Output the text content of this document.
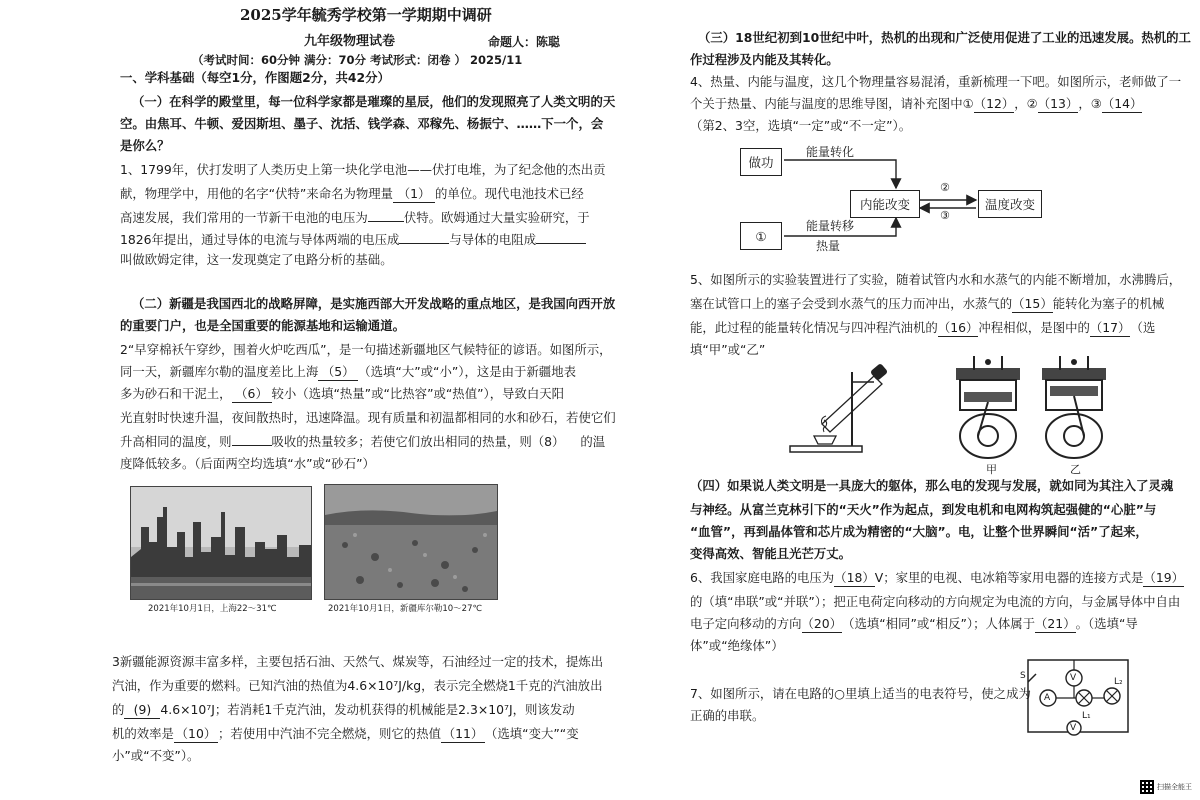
2025学年毓秀学校第一学期期中调研
九年级物理试卷	命题人：陈聪
（考试时间：60分钟 满分：70分 考试形式：闭卷 ） 2025/11
一、学科基础（每空1分，作图题2分，共42分）
（一）在科学的殿堂里，每一位科学家都是璀璨的星辰，他们的发现照亮了人类文明的天
空。由焦耳、牛顿、爱因斯坦、墨子、沈括、钱学森、邓稼先、杨振宁、……下一个，会
是你么？
1、1799年，伏打发明了人类历史上第一块化学电池——伏打电堆，为了纪念他的杰出贡
献，物理学中，用他的名字“伏特”来命名为物理量 （1） 的单位。现代电池技术已经
高速发展，我们常用的一节新干电池的电压为	伏特。欧姆通过大量实验研究，于
1826年提出，通过导体的电流与导体两端的电压成	与导体的电阻成
叫做欧姆定律，这一发现奠定了电路分析的基础。
（二）新疆是我国西北的战略屏障，是实施西部大开发战略的重点地区，是我国向西开放
的重要门户，也是全国重要的能源基地和运输通道。
2“早穿棉袄午穿纱，围着火炉吃西瓜”，是一句描述新疆地区气候特征的谚语。如图所示，
同一天，新疆库尔勒的温度差比上海 （5） （选填“大”或“小”），这是由于新疆地表
多为砂石和干泥土， （6） 较小（选填“热量”或“比热容”或“热值”），导致白天阳
光直射时快速升温，夜间散热时，迅速降温。现有质量和初温都相同的水和砂石，若使它们
升高相同的温度，则	吸收的热量较多；若使它们放出相同的热量，则（8） 的温
度降低较多。（后面两空均选填“水”或“砂石”）
2021年10月1日，上海22～31℃	2021年10月1日，新疆库尔勒10～27℃
3新疆能源资源丰富多样，主要包括石油、天然气、煤炭等，石油经过一定的技术，提炼出
汽油，作为重要的燃料。已知汽油的热值为4.6×10⁷J/kg，表示完全燃烧1千克的汽油放出
的 (9) 4.6×10⁷J；若消耗1千克汽油，发动机获得的机械能是2.3×10⁷J，则该发动
机的效率是 （10） ；若使用中汽油不完全燃烧，则它的热值 （11） （选填“变大”“变
小”或“不变”）。
（三）18世纪初到10世纪中叶，热机的出现和广泛使用促进了工业的迅速发展。热机的工
作过程涉及内能及其转化。
4、热量、内能与温度，这几个物理量容易混淆，重新梳理一下吧。如图所示，老师做了一
个关于热量、内能与温度的思维导图，请补充图中①（12），②（13），③（14）
（第2、3空，选填“一定”或“不一定”）。
做功
内能改变	温度改变
①
能量转化
能量转移
热量
②
③
5、如图所示的实验装置进行了实验，随着试管内水和水蒸气的内能不断增加，水沸腾后，
塞在试管口上的塞子会受到水蒸气的压力而冲出，水蒸气的（15）能转化为塞子的机械
能，此过程的能量转化情况与四冲程汽油机的（16）冲程相似，是图中的（17）（选
填“甲”或“乙”
甲	乙
（四）如果说人类文明是一具庞大的躯体，那么电的发现与发展，就如同为其注入了灵魂
与神经。从富兰克林引下的“天火”作为起点，到发电机和电网构筑起强健的“心脏”与
“血管”，再到晶体管和芯片成为精密的“大脑”。电，让整个世界瞬间“活”了起来，
变得高效、智能且光芒万丈。
6、我国家庭电路的电压为（18）V；家里的电视、电冰箱等家用电器的连接方式是（19）
的（填“串联”或“并联”）；把正电荷定向移动的方向规定为电流的方向，与金属导体中自由
电子定向移动的方向（20）（选填“相同”或“相反”）；人体属于（21）。（选填“导
体”或“绝缘体”）
7、如图所示，请在电路的○里填上适当的电表符号，使之成为
正确的串联。
S	V	L₂
A
L₁
V
扫描全能王
